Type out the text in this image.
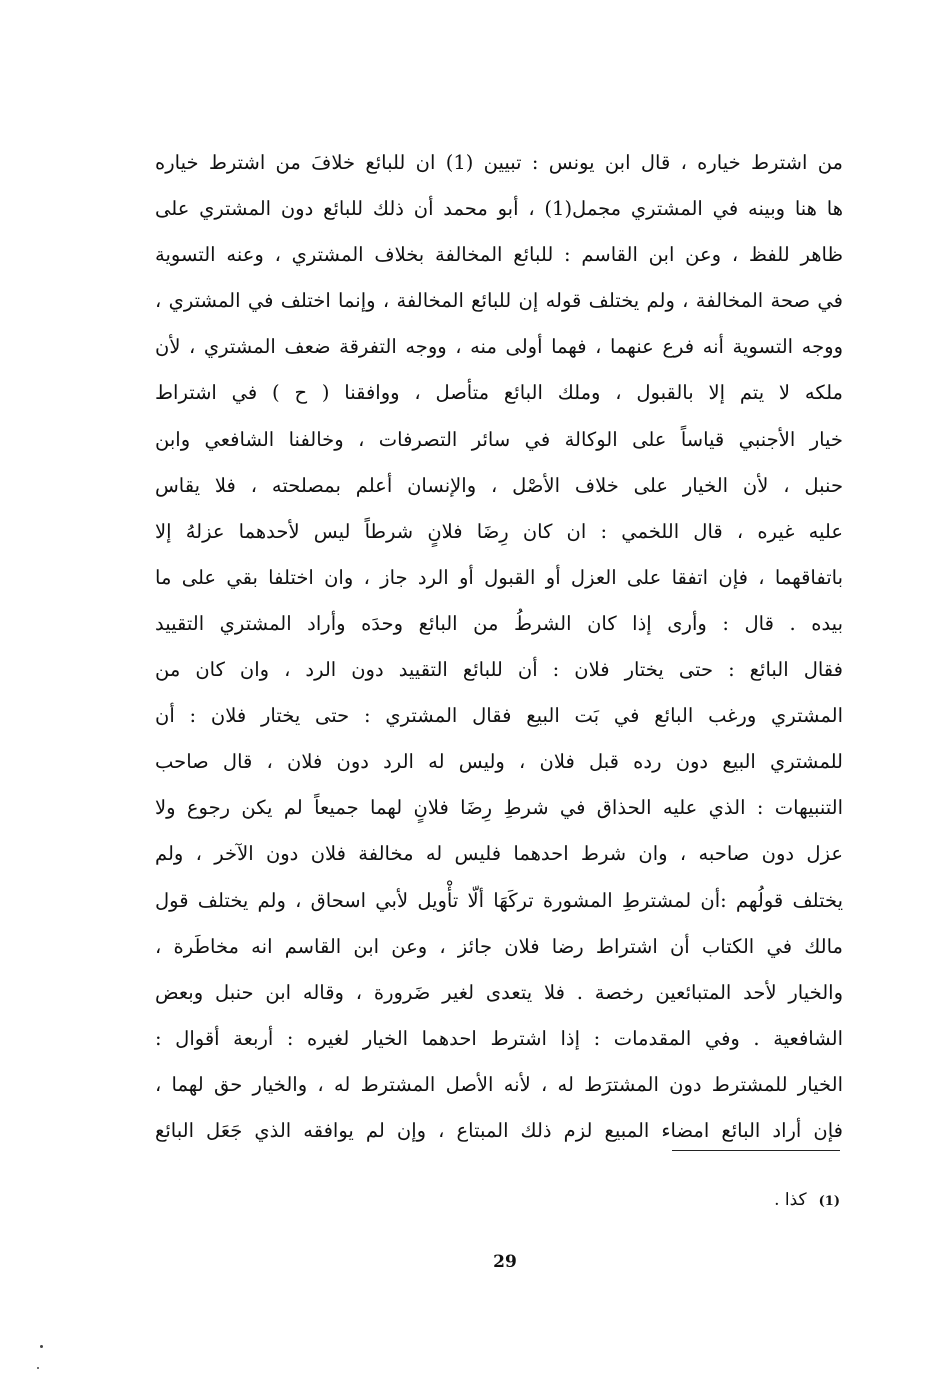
من اشترط خياره ، قال ابن يونس : تبيين (1) ان للبائع خلافَ من اشترط خياره
ها هنا وبينه في المشتري مجمل(1) ، أبو محمد أن ذلك للبائع دون المشتري على
ظاهر للفظ ، وعن ابن القاسم : للبائع المخالفة بخلاف المشتري ، وعنه التسوية
في صحة المخالفة ، ولم يختلف قوله إن للبائع المخالفة ، وإنما اختلف في المشتري ،
ووجه التسوية أنه فرع عنهما ، فهما أولى منه ، ووجه التفرقة ضعف المشتري ، لأن
ملكه لا يتم إلا بالقبول ، وملك البائع متأصل ، ووافقنا ( ح ) في اشتراط
خيار الأجنبي قياساً على الوكالة في سائر التصرفات ، وخالفنا الشافعي وابن
حنبل ، لأن الخيار على خلاف الأصْل ، والإنسان أعلم بمصلحته ، فلا يقاس
عليه غيره ، قال اللخمي : ان كان رِضَا فلانٍ شرطاً ليس لأحدهما عزلهُ إلا
باتفاقهما ، فإن اتفقا على العزل أو القبول أو الرد جاز ، وان اختلفا بقي على ما
بيده . قال : وأرى إذا كان الشرطُ من البائع وحدَه وأراد المشتري التقييد
فقال البائع : حتى يختار فلان : أن للبائع التقييد دون الرد ، وان كان من
المشتري ورغب البائع في بَت البيع فقال المشتري : حتى يختار فلان : أن
للمشتري البيع دون رده قبل فلان ، وليس له الرد دون فلان ، قال صاحب
التنبيهات : الذي عليه الحذاق في شرطِ رِضَا فلانٍ لهما جميعاً لم يكن رجوع ولا
عزل دون صاحبه ، وان شرط احدهما فليس له مخالفة فلان دون الآخر ، ولم
يختلف قولُهم :أن لمشترطِ المشورة تركَهَا ألّا تأْويل لأبي اسحاق ، ولم يختلف قول
مالك في الكتاب أن اشتراط رضا فلان جائز ، وعن ابن القاسم انه مخاطَرة ،
والخيار لأحد المتبائعين رخصة . فلا يتعدى لغير ضَرورة ، وقاله ابن حنبل وبعض
الشافعية . وفي المقدمات : إذا اشترط احدهما الخيار لغيره : أربعة أقوال :
الخيار للمشترط دون المشترَط له ، لأنه الأصل المشترط له ، والخيار حق لهما ،
فإن أراد البائع امضاء المبيع لزم ذلك المبتاع ، وإن لم يوافقه الذي جَعَل البائع
(1)كذا .
29
